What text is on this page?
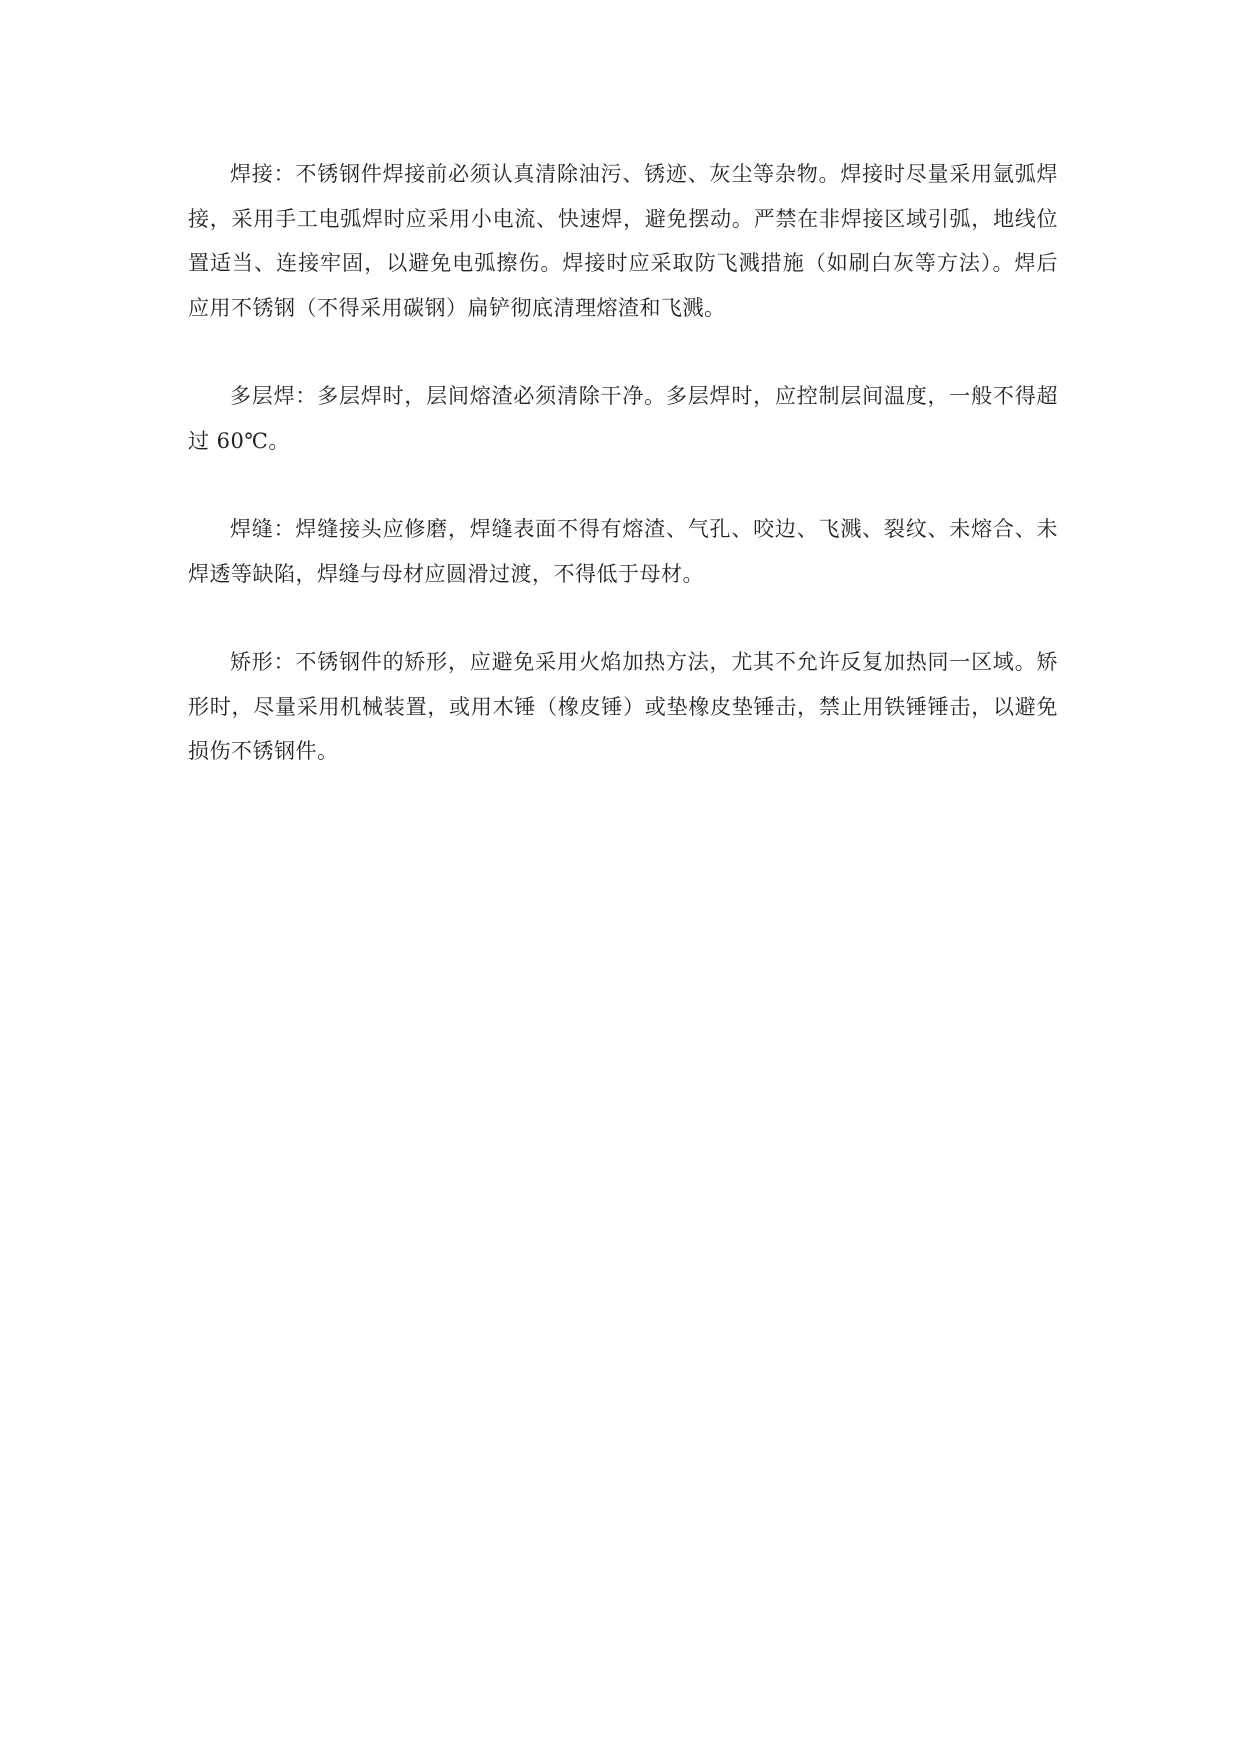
焊接：不锈钢件焊接前必须认真清除油污、锈迹、灰尘等杂物。焊接时尽量采用氩弧焊接，采用手工电弧焊时应采用小电流、快速焊，避免摆动。严禁在非焊接区域引弧，地线位置适当、连接牢固，以避免电弧擦伤。焊接时应采取防飞溅措施（如刷白灰等方法）。焊后应用不锈钢（不得采用碳钢）扁铲彻底清理熔渣和飞溅。

多层焊：多层焊时，层间熔渣必须清除干净。多层焊时，应控制层间温度，一般不得超过 60℃。

焊缝：焊缝接头应修磨，焊缝表面不得有熔渣、气孔、咬边、飞溅、裂纹、未熔合、未焊透等缺陷，焊缝与母材应圆滑过渡，不得低于母材。

矫形：不锈钢件的矫形，应避免采用火焰加热方法，尤其不允许反复加热同一区域。矫形时，尽量采用机械装置，或用木锤（橡皮锤）或垫橡皮垫锤击，禁止用铁锤锤击，以避免损伤不锈钢件。
